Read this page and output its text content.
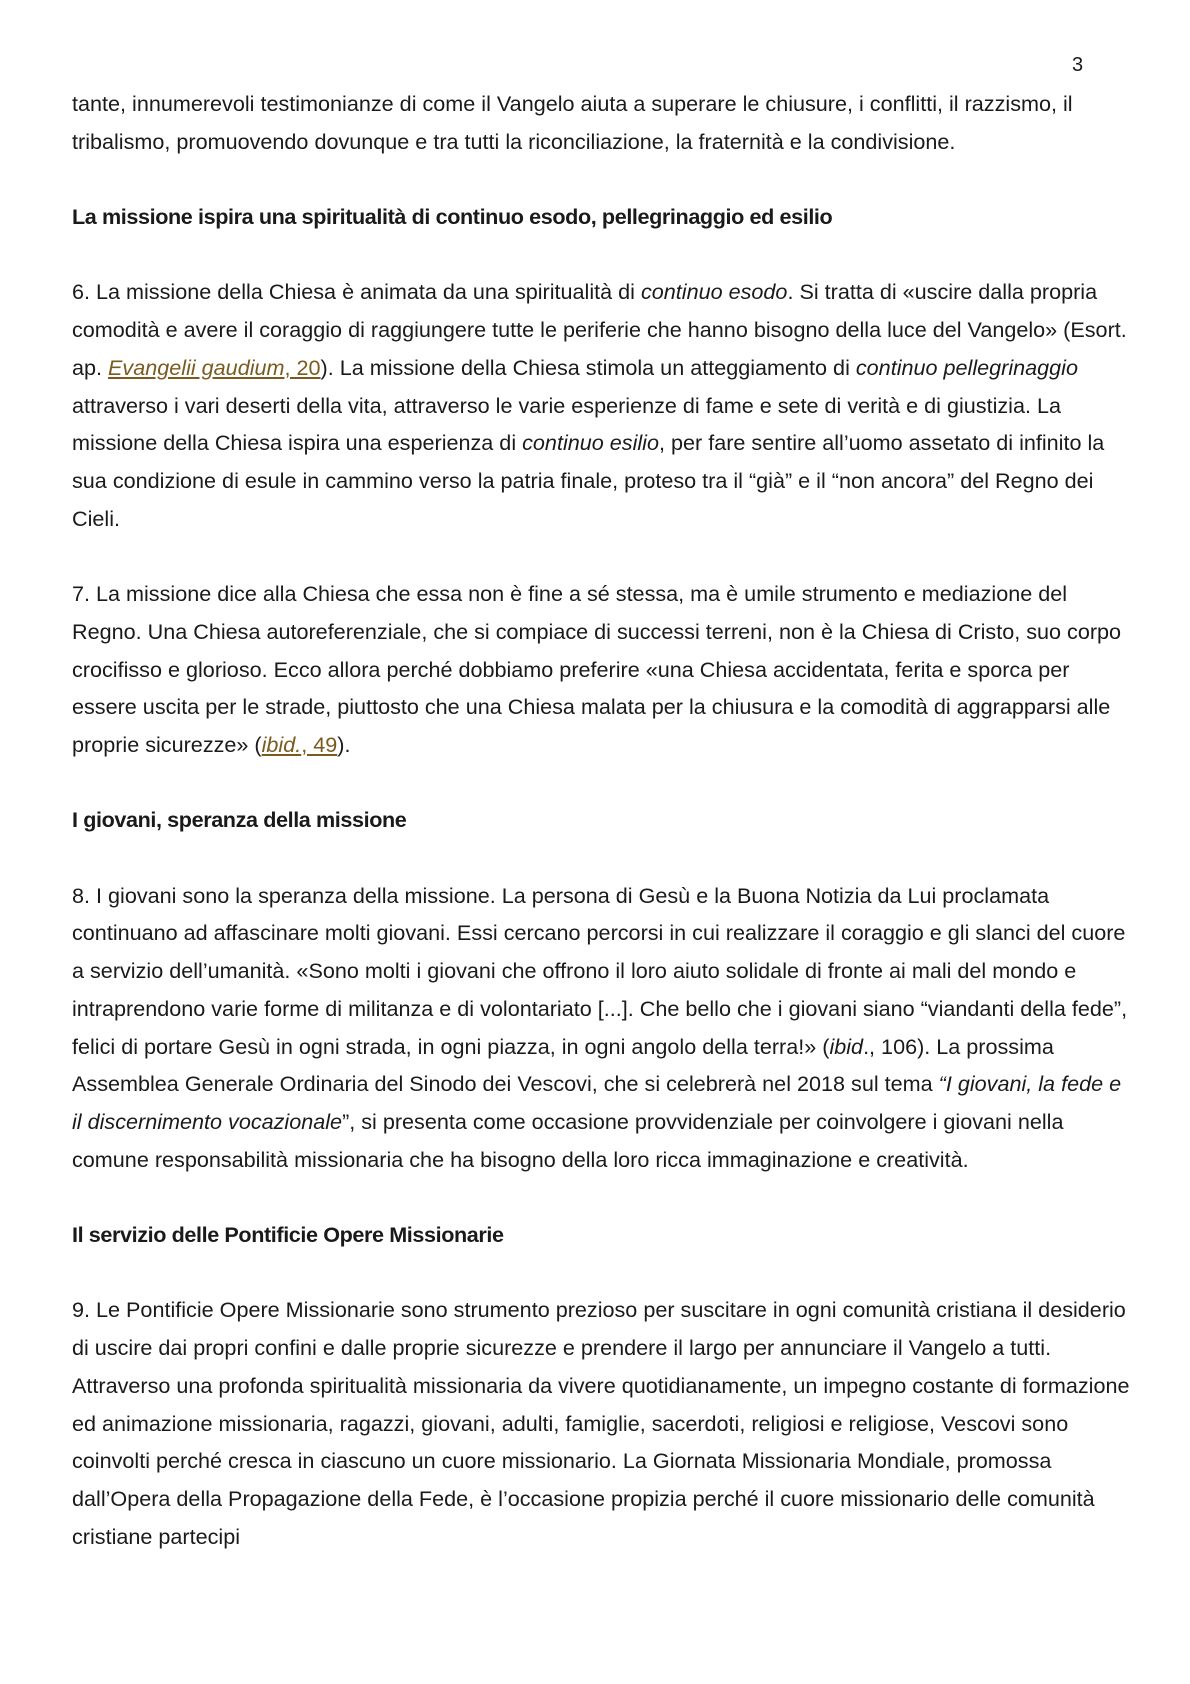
3

tante, innumerevoli testimonianze di come il Vangelo aiuta a superare le chiusure, i conflitti, il razzismo, il tribalismo, promuovendo dovunque e tra tutti la riconciliazione, la fraternità e la condivisione.

La missione ispira una spiritualità di continuo esodo, pellegrinaggio ed esilio

6. La missione della Chiesa è animata da una spiritualità di continuo esodo. Si tratta di «uscire dalla propria comodità e avere il coraggio di raggiungere tutte le periferie che hanno bisogno della luce del Vangelo» (Esort. ap. Evangelii gaudium, 20). La missione della Chiesa stimola un atteggiamento di continuo pellegrinaggio attraverso i vari deserti della vita, attraverso le varie esperienze di fame e sete di verità e di giustizia. La missione della Chiesa ispira una esperienza di continuo esilio, per fare sentire all’uomo assetato di infinito la sua condizione di esule in cammino verso la patria finale, proteso tra il “già” e il “non ancora” del Regno dei Cieli.

7. La missione dice alla Chiesa che essa non è fine a sé stessa, ma è umile strumento e mediazione del Regno. Una Chiesa autoreferenziale, che si compiace di successi terreni, non è la Chiesa di Cristo, suo corpo crocifisso e glorioso. Ecco allora perché dobbiamo preferire «una Chiesa accidentata, ferita e sporca per essere uscita per le strade, piuttosto che una Chiesa malata per la chiusura e la comodità di aggrapparsi alle proprie sicurezze» (ibid., 49).

I giovani, speranza della missione

8. I giovani sono la speranza della missione. La persona di Gesù e la Buona Notizia da Lui proclamata continuano ad affascinare molti giovani. Essi cercano percorsi in cui realizzare il coraggio e gli slanci del cuore a servizio dell’umanità. «Sono molti i giovani che offrono il loro aiuto solidale di fronte ai mali del mondo e intraprendono varie forme di militanza e di volontariato [...]. Che bello che i giovani siano “viandanti della fede”, felici di portare Gesù in ogni strada, in ogni piazza, in ogni angolo della terra!» (ibid., 106). La prossima Assemblea Generale Ordinaria del Sinodo dei Vescovi, che si celebrerà nel 2018 sul tema “I giovani, la fede e il discernimento vocazionale”, si presenta come occasione provvidenziale per coinvolgere i giovani nella comune responsabilità missionaria che ha bisogno della loro ricca immaginazione e creatività.

Il servizio delle Pontificie Opere Missionarie

9. Le Pontificie Opere Missionarie sono strumento prezioso per suscitare in ogni comunità cristiana il desiderio di uscire dai propri confini e dalle proprie sicurezze e prendere il largo per annunciare il Vangelo a tutti. Attraverso una profonda spiritualità missionaria da vivere quotidianamente, un impegno costante di formazione ed animazione missionaria, ragazzi, giovani, adulti, famiglie, sacerdoti, religiosi e religiose, Vescovi sono coinvolti perché cresca in ciascuno un cuore missionario. La Giornata Missionaria Mondiale, promossa dall’Opera della Propagazione della Fede, è l’occasione propizia perché il cuore missionario delle comunità cristiane partecipi
